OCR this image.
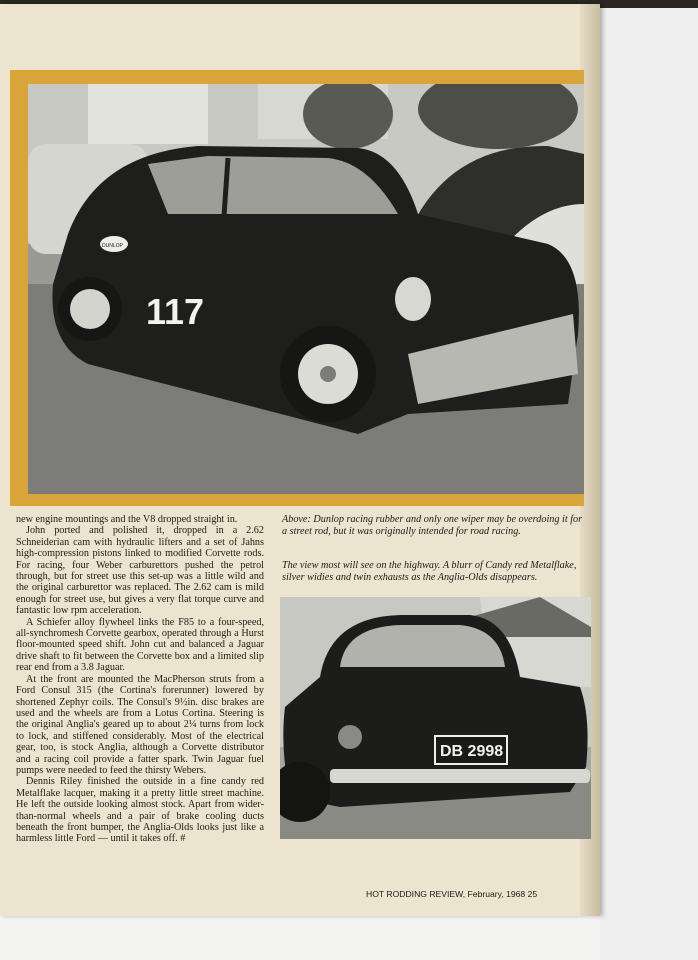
117
DUNLOP
DB 2998

new engine mountings and the V8 dropped straight in.

John ported and polished it, dropped in a 2.62 Schneiderian cam with hydraulic lifters and a set of Jahns high-compression pistons linked to modified Corvette rods. For racing, four Weber carburettors pushed the petrol through, but for street use this set-up was a little wild and the original carburettor was replaced. The 2.62 cam is mild enough for street use, but gives a very flat torque curve and fantastic low rpm acceleration.

A Schiefer alloy flywheel links the F85 to a four-speed, all-synchromesh Corvette gearbox, operated through a Hurst floor-mounted speed shift. John cut and balanced a Jaguar drive shaft to fit between the Corvette box and a limited slip rear end from a 3.8 Jaguar.

At the front are mounted the MacPherson struts from a Ford Consul 315 (the Cortina's forerunner) lowered by shortened Zephyr coils. The Consul's 9½in. disc brakes are used and the wheels are from a Lotus Cortina. Steering is the original Anglia's geared up to about 2¼ turns from lock to lock, and stiffened considerably. Most of the electrical gear, too, is stock Anglia, although a Corvette distributor and a racing coil provide a fatter spark. Twin Jaguar fuel pumps were needed to feed the thirsty Webers.

Dennis Riley finished the outside in a fine candy red Metalflake lacquer, making it a pretty little street machine. He left the outside looking almost stock. Apart from wider-than-normal wheels and a pair of brake cooling ducts beneath the front bumper, the Anglia-Olds looks just like a harmless little Ford — until it takes off. #

Above: Dunlop racing rubber and only one wiper may be overdoing it for a street rod, but it was originally intended for road racing.
The view most will see on the highway. A blurr of Candy red Metalflake, silver widies and twin exhausts as the Anglia-Olds disappears.
HOT RODDING REVIEW, February, 1968 25
